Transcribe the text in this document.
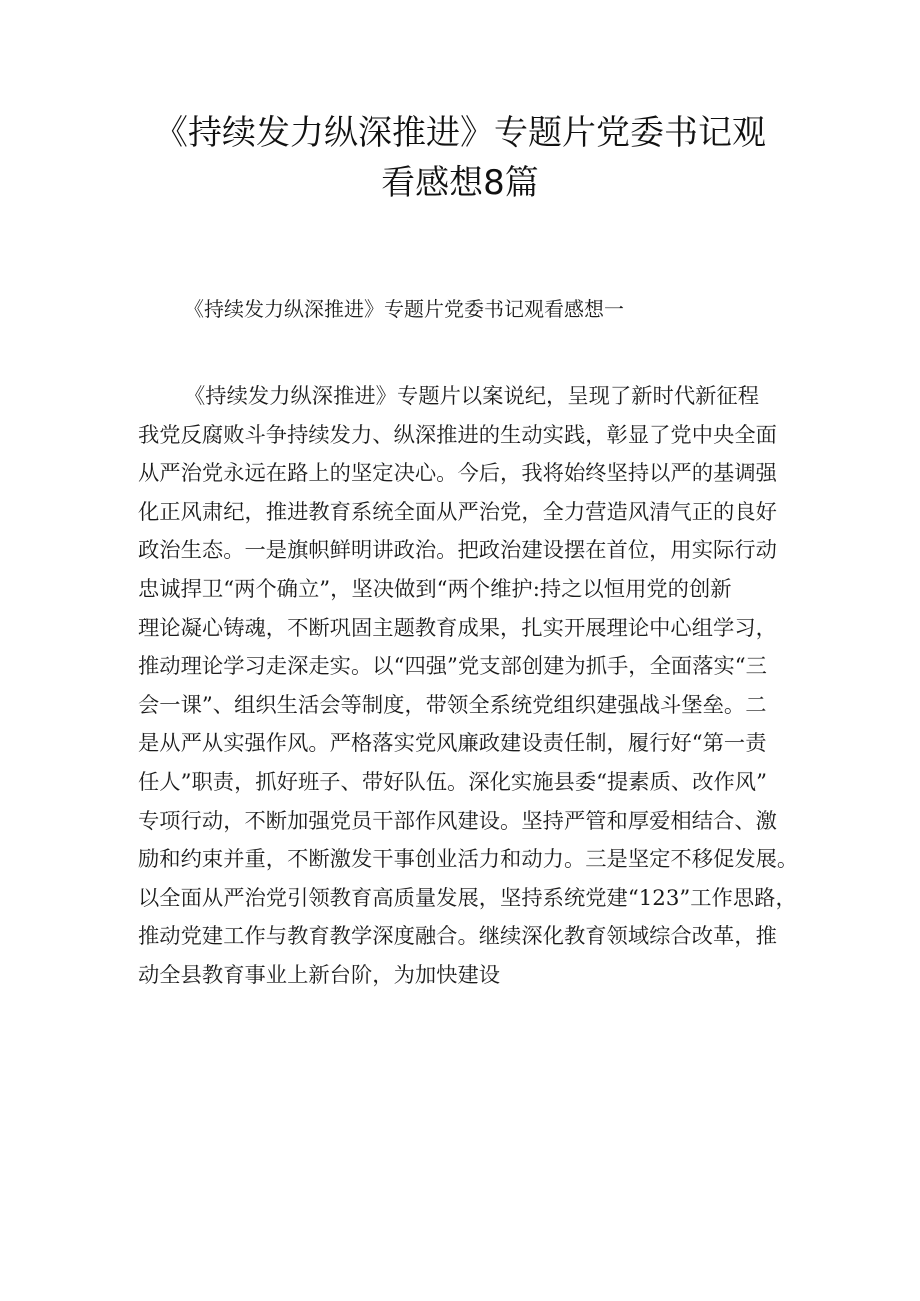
《持续发力纵深推进》专题片党委书记观
看感想8篇
《持续发力纵深推进》专题片党委书记观看感想一
《持续发力纵深推进》专题片以案说纪，呈现了新时代新征程
我党反腐败斗争持续发力、纵深推进的生动实践，彰显了党中央全面
从严治党永远在路上的坚定决心。今后，我将始终坚持以严的基调强
化正风肃纪，推进教育系统全面从严治党，全力营造风清气正的良好
政治生态。一是旗帜鲜明讲政治。把政治建设摆在首位，用实际行动
忠诚捍卫“两个确立”，坚决做到“两个维护:持之以恒用党的创新
理论凝心铸魂，不断巩固主题教育成果，扎实开展理论中心组学习，
推动理论学习走深走实。以“四强”党支部创建为抓手，全面落实“三
会一课”、组织生活会等制度，带领全系统党组织建强战斗堡垒。二
是从严从实强作风。严格落实党风廉政建设责任制，履行好“第一责
任人”职责，抓好班子、带好队伍。深化实施县委“提素质、改作风”
专项行动，不断加强党员干部作风建设。坚持严管和厚爱相结合、激
励和约束并重，不断激发干事创业活力和动力。三是坚定不移促发展。
以全面从严治党引领教育高质量发展，坚持系统党建“123”工作思路，
推动党建工作与教育教学深度融合。继续深化教育领域综合改革，推
动全县教育事业上新台阶，为加快建设
